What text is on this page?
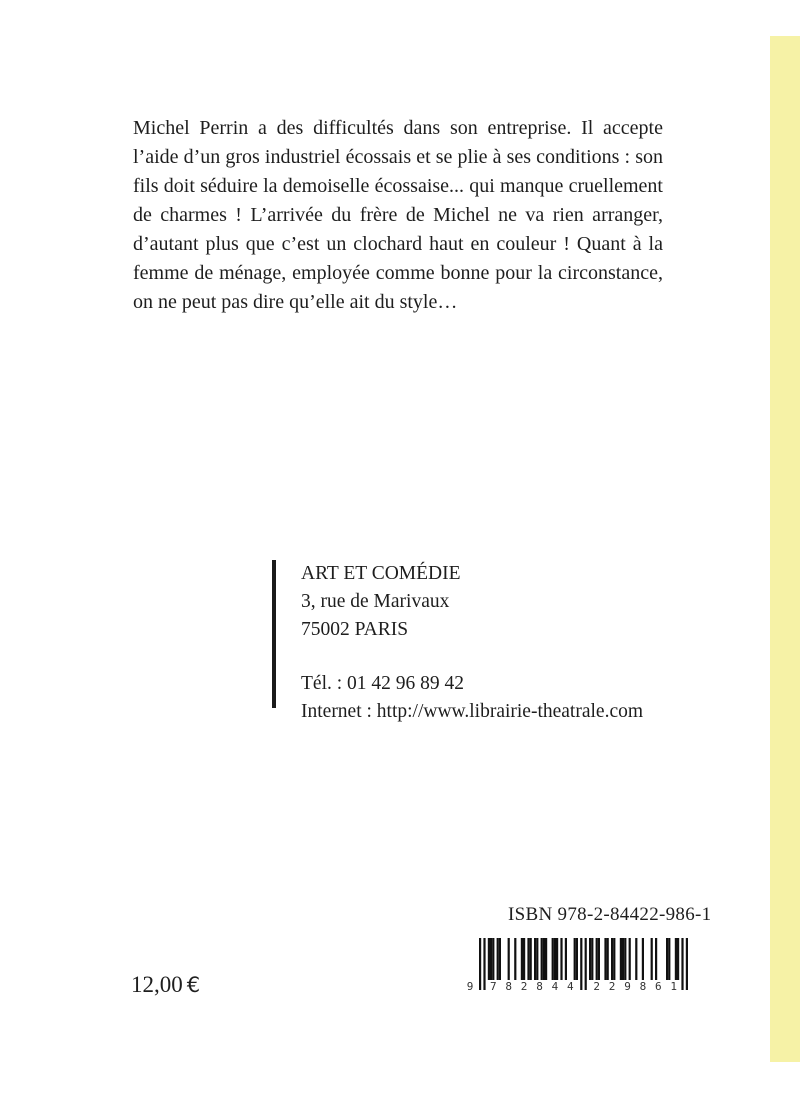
Michel Perrin a des difficultés dans son entreprise. Il accepte l’aide d’un gros industriel écossais et se plie à ses conditions : son fils doit séduire la demoiselle écossaise... qui manque cruellement de charmes ! L’arrivée du frère de Michel ne va rien arranger, d’autant plus que c’est un clochard haut en couleur ! Quant à la femme de ménage, employée comme bonne pour la circonstance, on ne peut pas dire qu’elle ait du style…

ART ET COMÉDIE
3, rue de Marivaux
75002 PARIS
Tél. : 01 42 96 89 42
Internet : http://www.librairie-theatrale.com
ISBN 978-2-84422-986-1
9 7 8 2 8 4 4 2 2 9 8 6 1
12,00 €
